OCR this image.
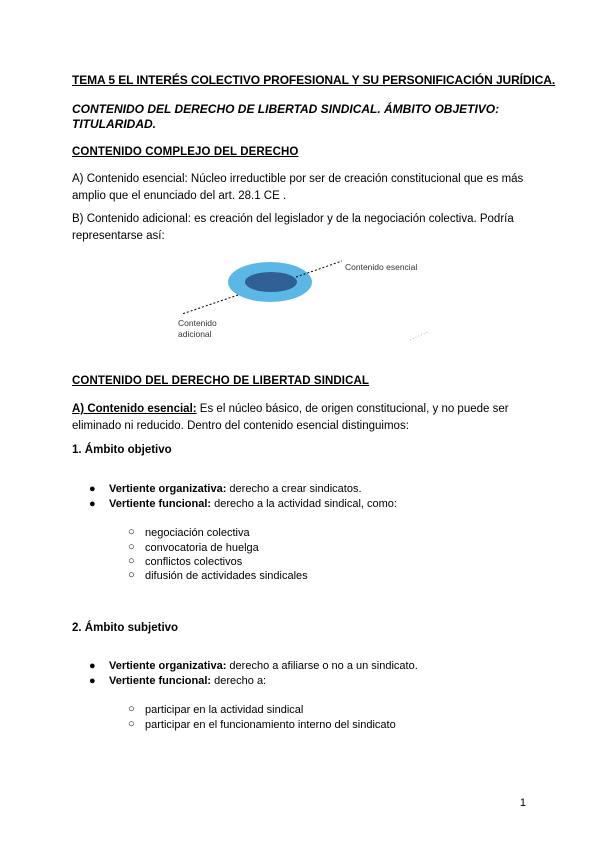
TEMA 5 EL INTERÉS COLECTIVO PROFESIONAL Y SU PERSONIFICACIÓN JURÍDICA.
CONTENIDO DEL DERECHO DE LIBERTAD SINDICAL. ÁMBITO OBJETIVO:
TITULARIDAD.
CONTENIDO COMPLEJO DEL DERECHO
A) Contenido esencial: Núcleo irreductible por ser de creación constitucional que es más
amplio que el enunciado del art. 28.1 CE .
B) Contenido adicional: es creación del legislador y de la negociación colectiva. Podría
representarse así:
Contenido esencial
Contenido
adicional
CONTENIDO DEL DERECHO DE LIBERTAD SINDICAL
A) Contenido esencial: Es el núcleo básico, de origen constitucional, y no puede ser
eliminado ni reducido. Dentro del contenido esencial distinguimos:
1. Ámbito objetivo
● Vertiente organizativa: derecho a crear sindicatos.
● Vertiente funcional: derecho a la actividad sindical, como:
○ negociación colectiva
○ convocatoria de huelga
○ conflictos colectivos
○ difusión de actividades sindicales
2. Ámbito subjetivo
● Vertiente organizativa: derecho a afiliarse o no a un sindicato.
● Vertiente funcional: derecho a:
○ participar en la actividad sindical
○ participar en el funcionamiento interno del sindicato
1
